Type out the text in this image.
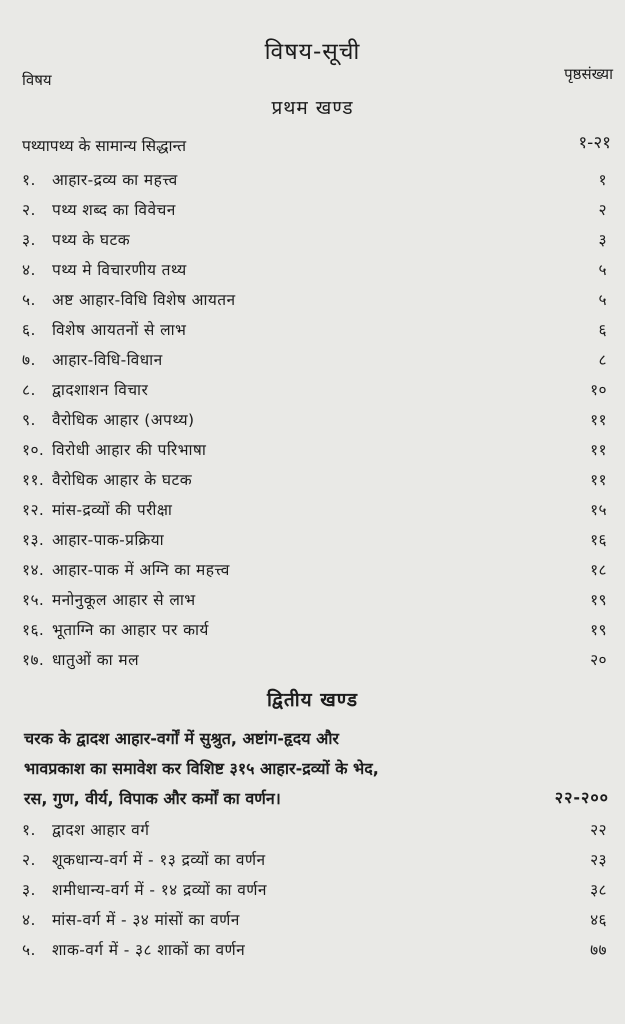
विषय-सूची
विषय	पृष्ठसंख्या
प्रथम खण्ड
पथ्यापथ्य के सामान्य सिद्धान्त	१-२१
१. आहार-द्रव्य का महत्त्व	१
२. पथ्य शब्द का विवेचन	२
३. पथ्य के घटक	३
४. पथ्य मे विचारणीय तथ्य	५
५. अष्ट आहार-विधि विशेष आयतन	५
६. विशेष आयतनों से लाभ	६
७. आहार-विधि-विधान	८
८. द्वादशाशन विचार	१०
९. वैरोधिक आहार (अपथ्य)	११
१०. विरोधी आहार की परिभाषा	११
११. वैरोधिक आहार के घटक	११
१२. मांस-द्रव्यों की परीक्षा	१५
१३. आहार-पाक-प्रक्रिया	१६
१४. आहार-पाक में अग्नि का महत्त्व	१८
१५. मनोनुकूल आहार से लाभ	१९
१६. भूताग्नि का आहार पर कार्य	१९
१७. धातुओं का मल	२०
द्वितीय खण्ड
चरक के द्वादश आहार-वर्गों में सुश्रुत, अष्टांग-हृदय और
भावप्रकाश का समावेश कर विशिष्ट ३१५ आहार-द्रव्यों के भेद,
रस, गुण, वीर्य, विपाक और कर्मों का वर्णन।	२२-२००
१. द्वादश आहार वर्ग	२२
२. शूकधान्य-वर्ग में - १३ द्रव्यों का वर्णन	२३
३. शमीधान्य-वर्ग में - १४ द्रव्यों का वर्णन	३८
४. मांस-वर्ग में - ३४ मांसों का वर्णन	४६
५. शाक-वर्ग में - ३८ शाकों का वर्णन	७७
